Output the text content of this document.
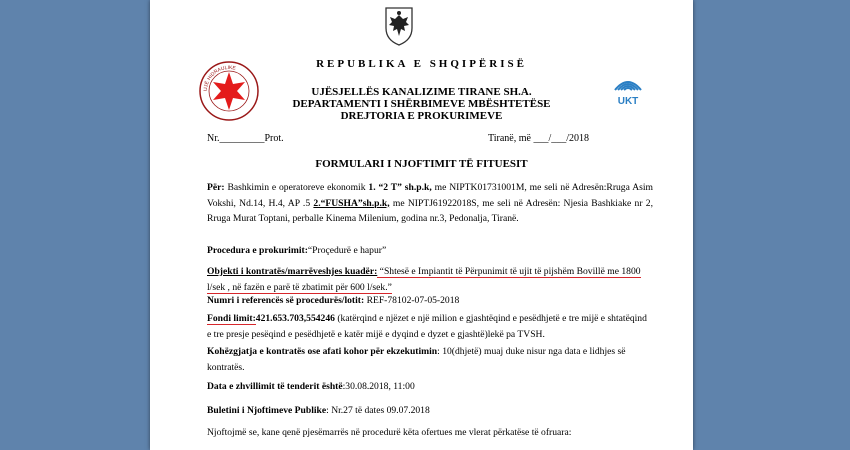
REPUBLIKA E SHQIPËRISË
UJË HIDRAULIKE
UJËSJELLËS KANALIZIME TIRANE SH.A.
DEPARTAMENTI I SHËRBIMEVE MBËSHTETËSE
DREJTORIA E PROKURIMEVE
UKT
Nr._________Prot.	Tiranë, më ___/___/2018
FORMULARI I NJOFTIMIT TË FITUESIT

Për: Bashkimin e operatoreve ekonomik 1. “2 T” sh.p.k, me NIPTK01731001M, me seli në Adresën:Rruga Asim Vokshi, Nd.14, H.4, AP .5 2.“FUSHA”sh.p.k, me NIPTJ61922018S, me seli në Adresën: Njesia Bashkiake nr 2, Rruga Murat Toptani, perballe Kinema Milenium, godina nr.3, Pedonalja, Tiranë.

Procedura e prokurimit:“Proçedurë e hapur”
Objekti i kontratës/marrëveshjes kuadër: “Shtesë e Impiantit të Përpunimit të ujit të pijshëm Bovillë me 1800 l/sek , në fazën e parë të zbatimit për 600 l/sek.”
Numri i referencës së procedurës/lotit: REF-78102-07-05-2018
Fondi limit:421.653.703,554246 (katërqind e njëzet e një milion e gjashtëqind e pesëdhjetë e tre mijë e shtatëqind e tre presje pesëqind e pesëdhjetë e katër mijë e dyqind e dyzet e gjashtë)lekë pa TVSH.
Kohëzgjatja e kontratës ose afati kohor për ekzekutimin: 10(dhjetë) muaj duke nisur nga data e lidhjes së kontratës.
Data e zhvillimit të tenderit është:30.08.2018, 11:00
Buletini i Njoftimeve Publike: Nr.27 të dates 09.07.2018
Njoftojmë se, kane qenë pjesëmarrës në procedurë këta ofertues me vlerat përkatëse të ofruara:
